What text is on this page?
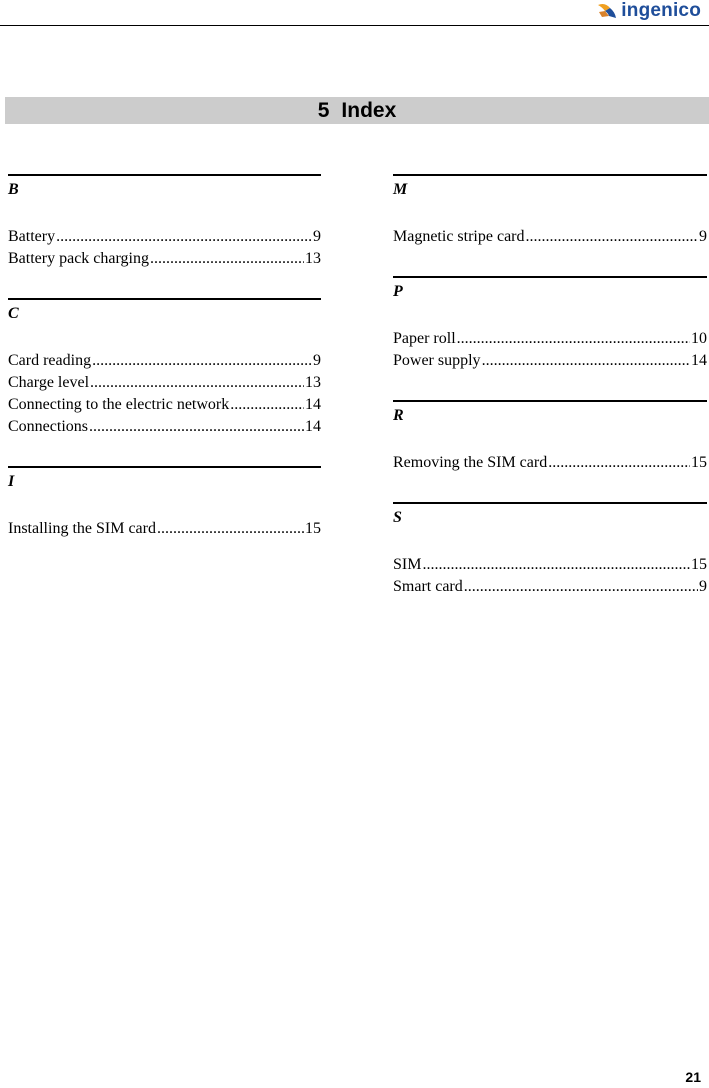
ingenico
5 Index
B
Battery .....	9
Battery pack charging .....	13
C
Card reading .....	9
Charge level .....	13
Connecting to the electric network .....	14
Connections .....	14
I
Installing the SIM card .....	15
M
Magnetic stripe card .....	9
P
Paper roll .....	10
Power supply .....	14
R
Removing the SIM card .....	15
S
SIM .....	15
Smart card .....	9
21
